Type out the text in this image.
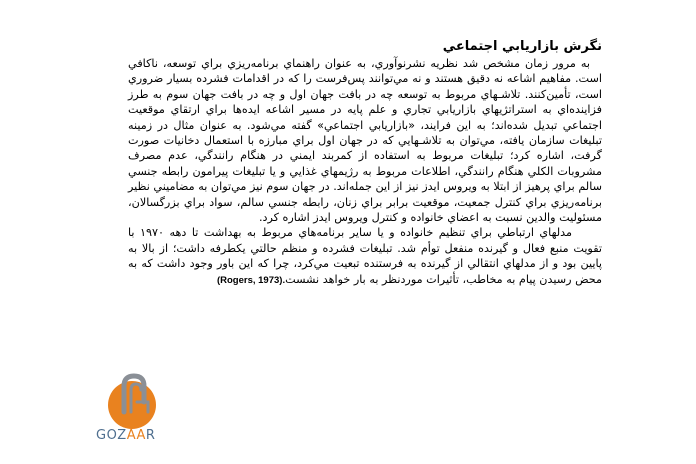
نگرش بازاريابي اجتماعي

به مرور زمان مشخص شد نظريه نشرنوآوري، به عنوان راهنماي برنامه‌ريزي براي توسعه، ناكافي است. مفاهيم اشاعه نه دقيق هستند و نه مي‌توانند پس‌فرست را كه در اقدامات فشرده بسيار ضروري است، تأمين‌كنند. تلاشـهاي مربوط به توسعه چه در بافت جهان اول و چه در بافت جهان سوم به طرز فزاينده‌اي به استراتژيهاي بازاريابي تجاري و علم پايه در مسير اشاعه ايده‌ها براي ارتقاي موقعيت اجتماعي تبديل شده‌اند؛ به اين فرايند، «بازاريابي اجتماعي» گفته مي‌شود. به عنوان مثال در زمينه تبليغات سازمان يافته، مي‌توان به تلاشـهايي كه در جهان اول براي مبارزه با استعمال دخانيات صورت گرفت، اشاره كرد؛ تبليغات مربوط به استفاده از كمربند ايمني در هنگام رانندگي، عدم مصرف مشروبات الكلي هنگام رانندگي، اطلاعات مربوط به رژيمهاي غذايي و يا تبليغات پيرامون رابطه جنسي سالم براي پرهيز از ابتلا به ويروس ايدز نيز از اين جمله‌اند. در جهان سوم نيز مي‌توان به مضاميني نظير برنامه‌ريزي براي كنترل جمعيت، موقعيت برابر براي زنان، رابطه جنسي سالم، سواد براي بزرگسالان، مسئوليت والدين نسبت به اعضاي خانواده و كنترل ويروس ايدز اشاره كرد.

مدلهاي ارتباطي براي تنظيم خانواده و يا ساير برنامه‌هاي مربوط به بهداشت تا دهه ۱۹۷۰ با تقويت منبع فعال و گيرنده منفعل توأم شد. تبليغات فشرده و منظم حالتي يكطرفه داشت؛ از بالا به پايين بود و از مدلهاي انتقالي از گيرنده به فرستنده تبعيت مي‌كرد، چرا كه اين باور وجود داشت كه به محض رسيدن پيام به مخاطب، تأثيرات موردنظر به بار خواهد نشست(Rogers, 1973).

GOZAAR
